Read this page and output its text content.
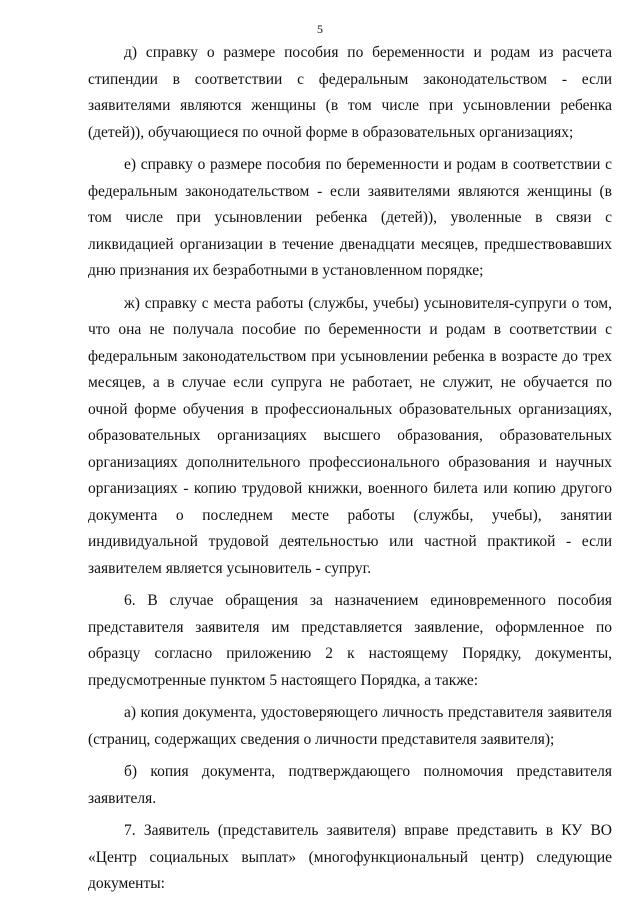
5

д) справку о размере пособия по беременности и родам из расчета стипендии в соответствии с федеральным законодательством - если заявителями являются женщины (в том числе при усыновлении ребенка (детей)), обучающиеся по очной форме в образовательных организациях;

е) справку о размере пособия по беременности и родам в соответствии с федеральным законодательством - если заявителями являются женщины (в том числе при усыновлении ребенка (детей)), уволенные в связи с ликвидацией организации в течение двенадцати месяцев, предшествовавших дню признания их безработными в установленном порядке;

ж) справку с места работы (службы, учебы) усыновителя-супруги о том, что она не получала пособие по беременности и родам в соответствии с федеральным законодательством при усыновлении ребенка в возрасте до трех месяцев, а в случае если супруга не работает, не служит, не обучается по очной форме обучения в профессиональных образовательных организациях, образовательных организациях высшего образования, образовательных организациях дополнительного профессионального образования и научных организациях - копию трудовой книжки, военного билета или копию другого документа о последнем месте работы (службы, учебы), занятии индивидуальной трудовой деятельностью или частной практикой - если заявителем является усыновитель - супруг.

6. В случае обращения за назначением единовременного пособия представителя заявителя им представляется заявление, оформленное по образцу согласно приложению 2 к настоящему Порядку, документы, предусмотренные пунктом 5 настоящего Порядка, а также:

а) копия документа, удостоверяющего личность представителя заявителя (страниц, содержащих сведения о личности представителя заявителя);

б) копия документа, подтверждающего полномочия представителя заявителя.

7. Заявитель (представитель заявителя) вправе представить в КУ ВО «Центр социальных выплат» (многофункциональный центр) следующие документы:
